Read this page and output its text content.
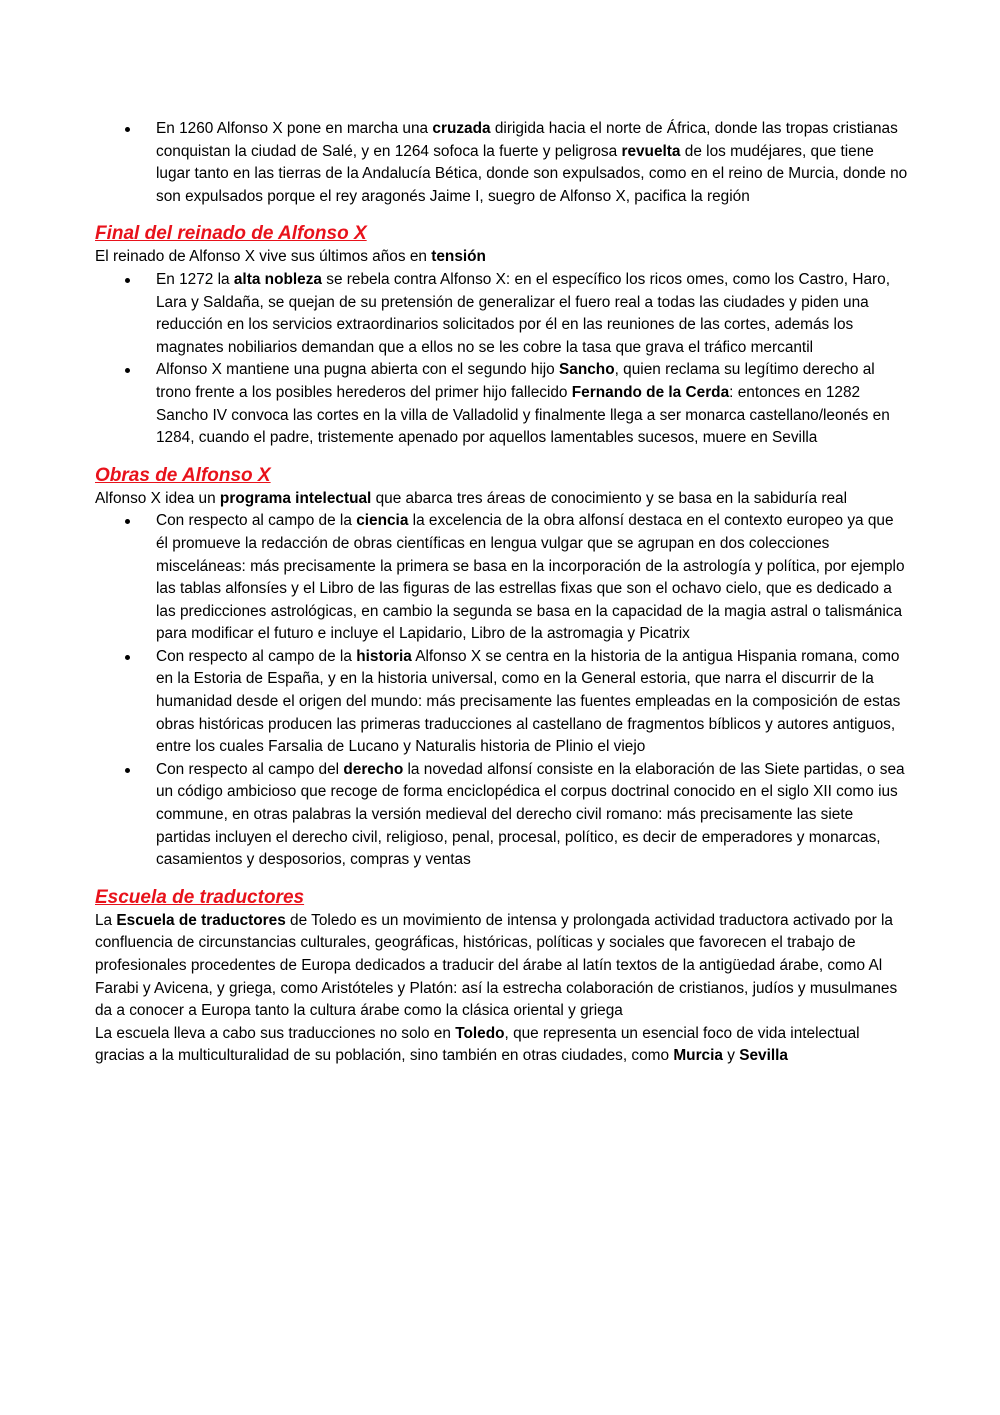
En 1260 Alfonso X pone en marcha una cruzada dirigida hacia el norte de África, donde las tropas cristianas conquistan la ciudad de Salé, y en 1264 sofoca la fuerte y peligrosa revuelta de los mudéjares, que tiene lugar tanto en las tierras de la Andalucía Bética, donde son expulsados, como en el reino de Murcia, donde no son expulsados porque el rey aragonés Jaime I, suegro de Alfonso X, pacifica la región
Final del reinado de Alfonso X

El reinado de Alfonso X vive sus últimos años en tensión

En 1272 la alta nobleza se rebela contra Alfonso X: en el específico los ricos omes, como los Castro, Haro, Lara y Saldaña, se quejan de su pretensión de generalizar el fuero real a todas las ciudades y piden una reducción en los servicios extraordinarios solicitados por él en las reuniones de las cortes, además los magnates nobiliarios demandan que a ellos no se les cobre la tasa que grava el tráfico mercantil
Alfonso X mantiene una pugna abierta con el segundo hijo Sancho, quien reclama su legítimo derecho al trono frente a los posibles herederos del primer hijo fallecido Fernando de la Cerda: entonces en 1282 Sancho IV convoca las cortes en la villa de Valladolid y finalmente llega a ser monarca castellano/leonés en 1284, cuando el padre, tristemente apenado por aquellos lamentables sucesos, muere en Sevilla
Obras de Alfonso X

Alfonso X idea un programa intelectual que abarca tres áreas de conocimiento y se basa en la sabiduría real

Con respecto al campo de la ciencia la excelencia de la obra alfonsí destaca en el contexto europeo ya que él promueve la redacción de obras científicas en lengua vulgar que se agrupan en dos colecciones misceláneas: más precisamente la primera se basa en la incorporación de la astrología y política, por ejemplo las tablas alfonsíes y el Libro de las figuras de las estrellas fixas que son el ochavo cielo, que es dedicado a las predicciones astrológicas, en cambio la segunda se basa en la capacidad de la magia astral o talismánica para modificar el futuro e incluye el Lapidario, Libro de la astromagia y Picatrix
Con respecto al campo de la historia Alfonso X se centra en la historia de la antigua Hispania romana, como en la Estoria de España, y en la historia universal, como en la General estoria, que narra el discurrir de la humanidad desde el origen del mundo: más precisamente las fuentes empleadas en la composición de estas obras históricas producen las primeras traducciones al castellano de fragmentos bíblicos y autores antiguos, entre los cuales Farsalia de Lucano y Naturalis historia de Plinio el viejo
Con respecto al campo del derecho la novedad alfonsí consiste en la elaboración de las Siete partidas, o sea un código ambicioso que recoge de forma enciclopédica el corpus doctrinal conocido en el siglo XII como ius commune, en otras palabras la versión medieval del derecho civil romano: más precisamente las siete partidas incluyen el derecho civil, religioso, penal, procesal, político, es decir de emperadores y monarcas, casamientos y desposorios, compras y ventas
Escuela de traductores

La Escuela de traductores de Toledo es un movimiento de intensa y prolongada actividad traductora activado por la confluencia de circunstancias culturales, geográficas, históricas, políticas y sociales que favorecen el trabajo de profesionales procedentes de Europa dedicados a traducir del árabe al latín textos de la antigüedad árabe, como Al Farabi y Avicena, y griega, como Aristóteles y Platón: así la estrecha colaboración de cristianos, judíos y musulmanes da a conocer a Europa tanto la cultura árabe como la clásica oriental y griega

La escuela lleva a cabo sus traducciones no solo en Toledo, que representa un esencial foco de vida intelectual gracias a la multiculturalidad de su población, sino también en otras ciudades, como Murcia y Sevilla
